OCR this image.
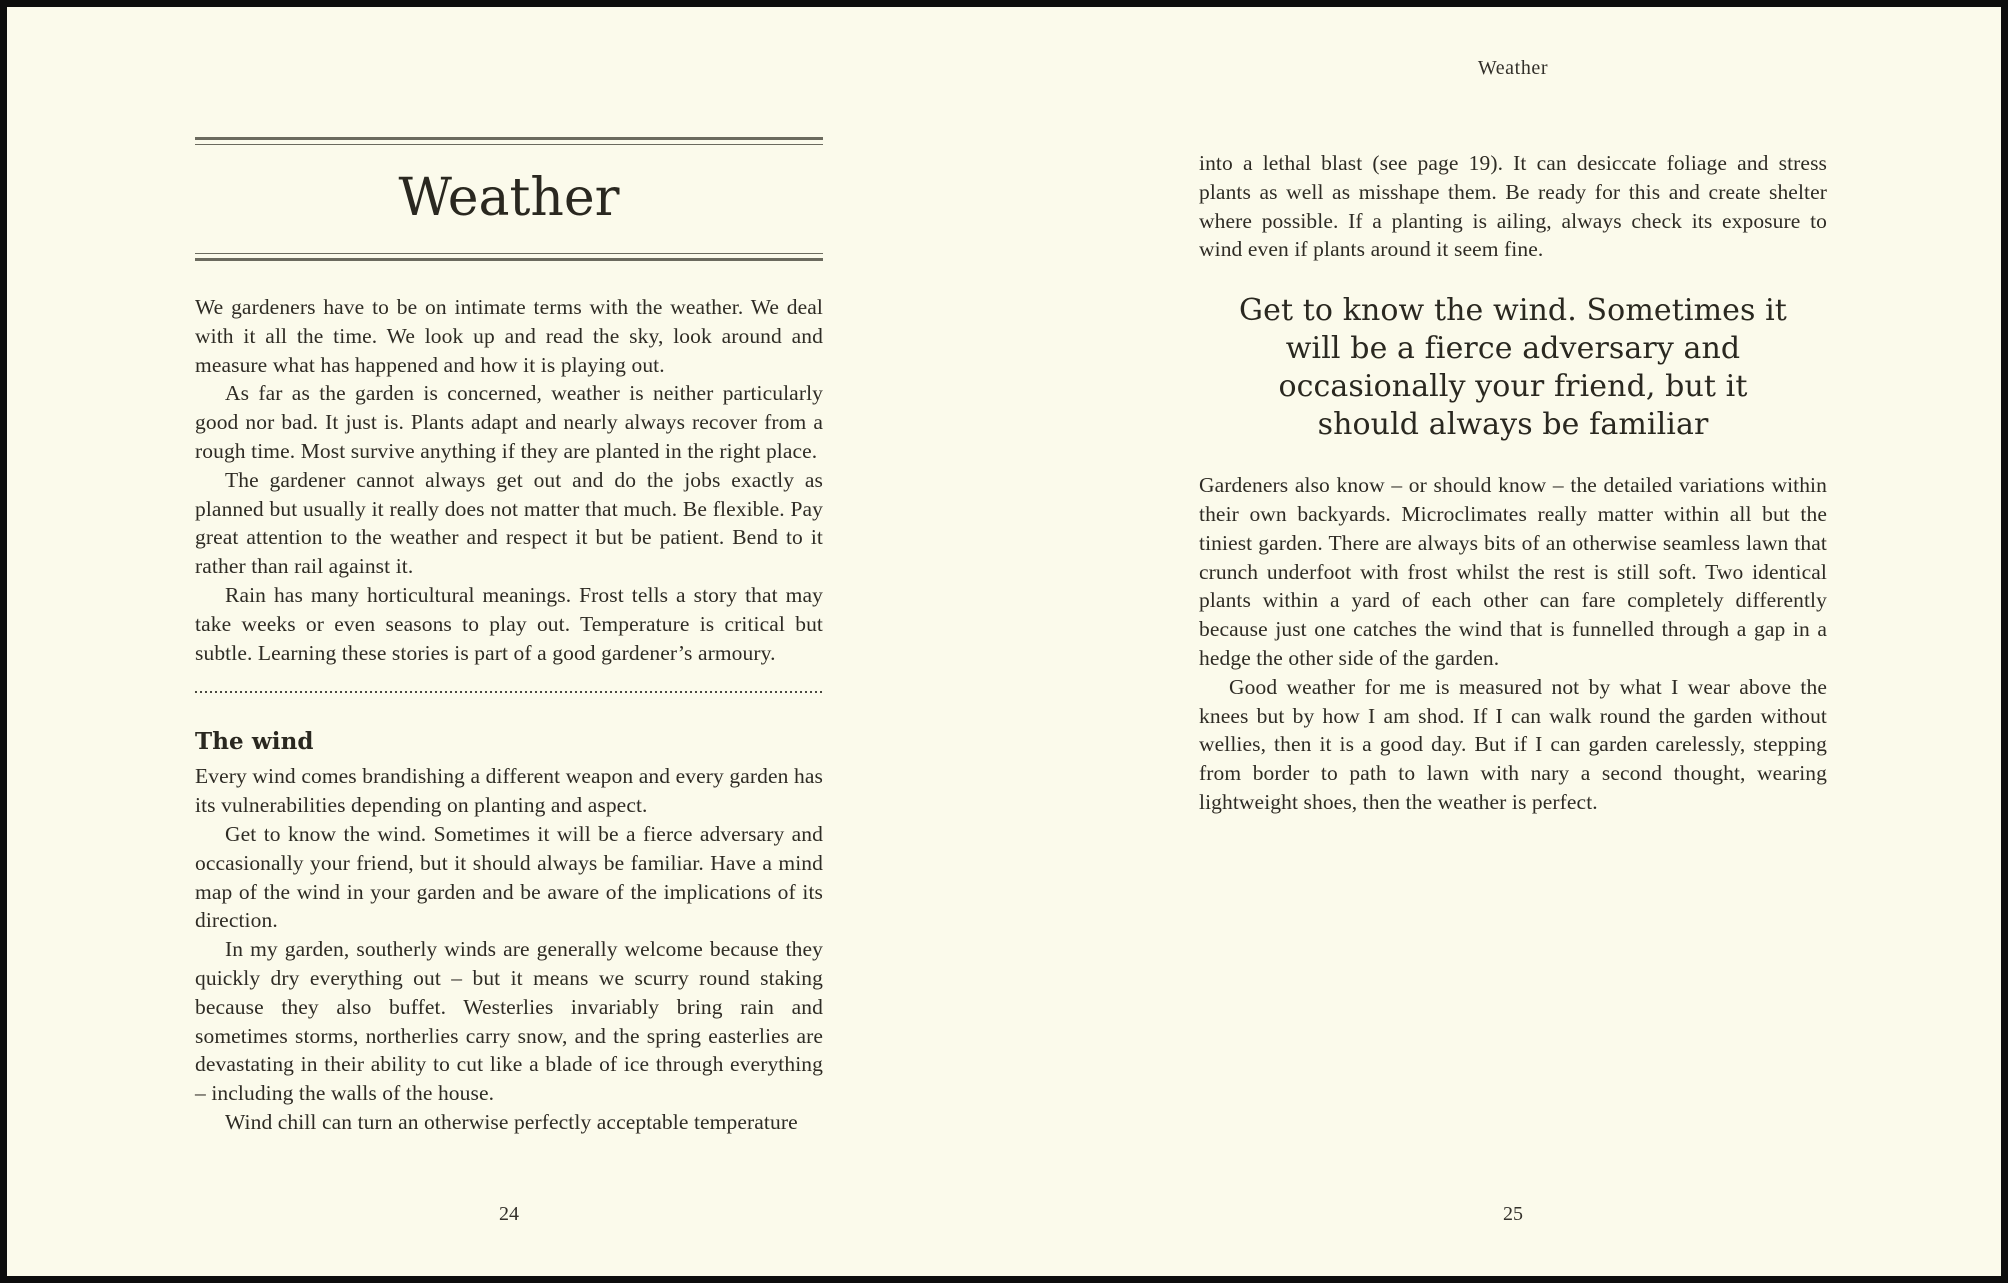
Weather

We gardeners have to be on intimate terms with the weather. We deal with it all the time. We look up and read the sky, look around and measure what has happened and how it is playing out.

As far as the garden is concerned, weather is neither particularly good nor bad. It just is. Plants adapt and nearly always recover from a rough time. Most survive anything if they are planted in the right place.

The gardener cannot always get out and do the jobs exactly as planned but usually it really does not matter that much. Be flexible. Pay great attention to the weather and respect it but be patient. Bend to it rather than rail against it.

Rain has many horticultural meanings. Frost tells a story that may take weeks or even seasons to play out. Temperature is critical but subtle. Learning these stories is part of a good gardener’s armoury.

The wind

Every wind comes brandishing a different weapon and every garden has its vulnerabilities depending on planting and aspect.

Get to know the wind. Sometimes it will be a fierce adversary and occasionally your friend, but it should always be familiar. Have a mind map of the wind in your garden and be aware of the implications of its direction.

In my garden, southerly winds are generally welcome because they quickly dry everything out – but it means we scurry round staking because they also buffet. Westerlies invariably bring rain and sometimes storms, northerlies carry snow, and the spring easterlies are devastating in their ability to cut like a blade of ice through everything – including the walls of the house.

Wind chill can turn an otherwise perfectly acceptable temperature

24
Weather

into a lethal blast (see page 19). It can desiccate foliage and stress plants as well as misshape them. Be ready for this and create shelter where possible. If a planting is ailing, always check its exposure to wind even if plants around it seem fine.

Get to know the wind. Sometimes it
will be a fierce adversary and
occasionally your friend, but it
should always be familiar

Gardeners also know – or should know – the detailed variations within their own backyards. Microclimates really matter within all but the tiniest garden. There are always bits of an otherwise seamless lawn that crunch underfoot with frost whilst the rest is still soft. Two identical plants within a yard of each other can fare completely differently because just one catches the wind that is funnelled through a gap in a hedge the other side of the garden.

Good weather for me is measured not by what I wear above the knees but by how I am shod. If I can walk round the garden without wellies, then it is a good day. But if I can garden carelessly, stepping from border to path to lawn with nary a second thought, wearing lightweight shoes, then the weather is perfect.

25
